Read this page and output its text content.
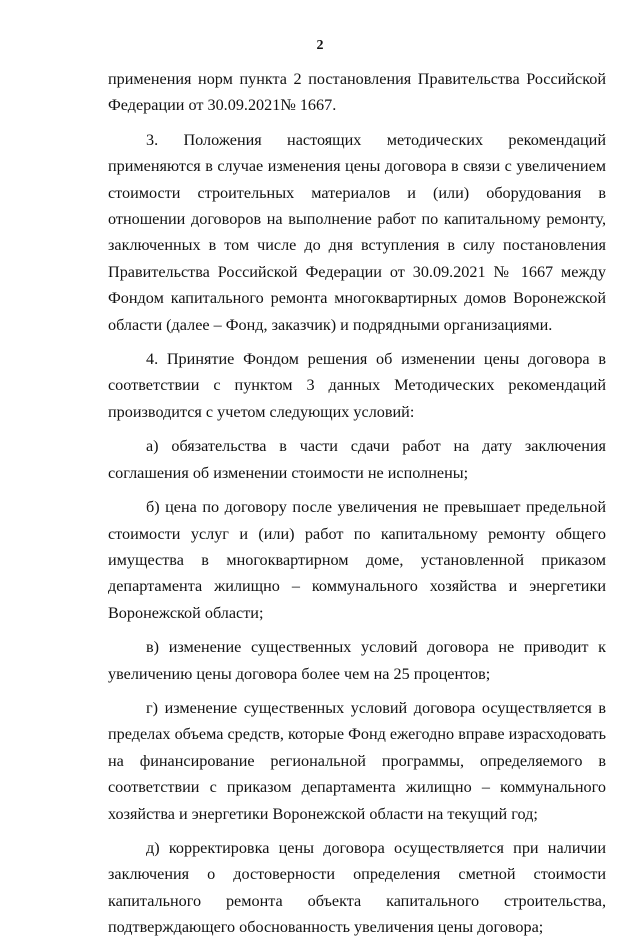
2

применения норм пункта 2 постановления Правительства Российской Федерации от 30.09.2021№ 1667.

3. Положения настоящих методических рекомендаций применяются в случае изменения цены договора в связи с увеличением стоимости строительных материалов и (или) оборудования в отношении договоров на выполнение работ по капитальному ремонту, заключенных в том числе до дня вступления в силу постановления Правительства Российской Федерации от 30.09.2021 № 1667 между Фондом капитального ремонта многоквартирных домов Воронежской области (далее – Фонд, заказчик) и подрядными организациями.

4. Принятие Фондом решения об изменении цены договора в соответствии с пунктом 3 данных Методических рекомендаций производится с учетом следующих условий:

а) обязательства в части сдачи работ на дату заключения соглашения об изменении стоимости не исполнены;

б) цена по договору после увеличения не превышает предельной стоимости услуг и (или) работ по капитальному ремонту общего имущества в многоквартирном доме, установленной приказом департамента жилищно – коммунального хозяйства и энергетики Воронежской области;

в) изменение существенных условий договора не приводит к увеличению цены договора более чем на 25 процентов;

г) изменение существенных условий договора осуществляется в пределах объема средств, которые Фонд ежегодно вправе израсходовать на финансирование региональной программы, определяемого в соответствии с приказом департамента жилищно – коммунального хозяйства и энергетики Воронежской области на текущий год;

д) корректировка цены договора осуществляется при наличии заключения о достоверности определения сметной стоимости капитального ремонта объекта капитального строительства, подтверждающего обоснованность увеличения цены договора;
